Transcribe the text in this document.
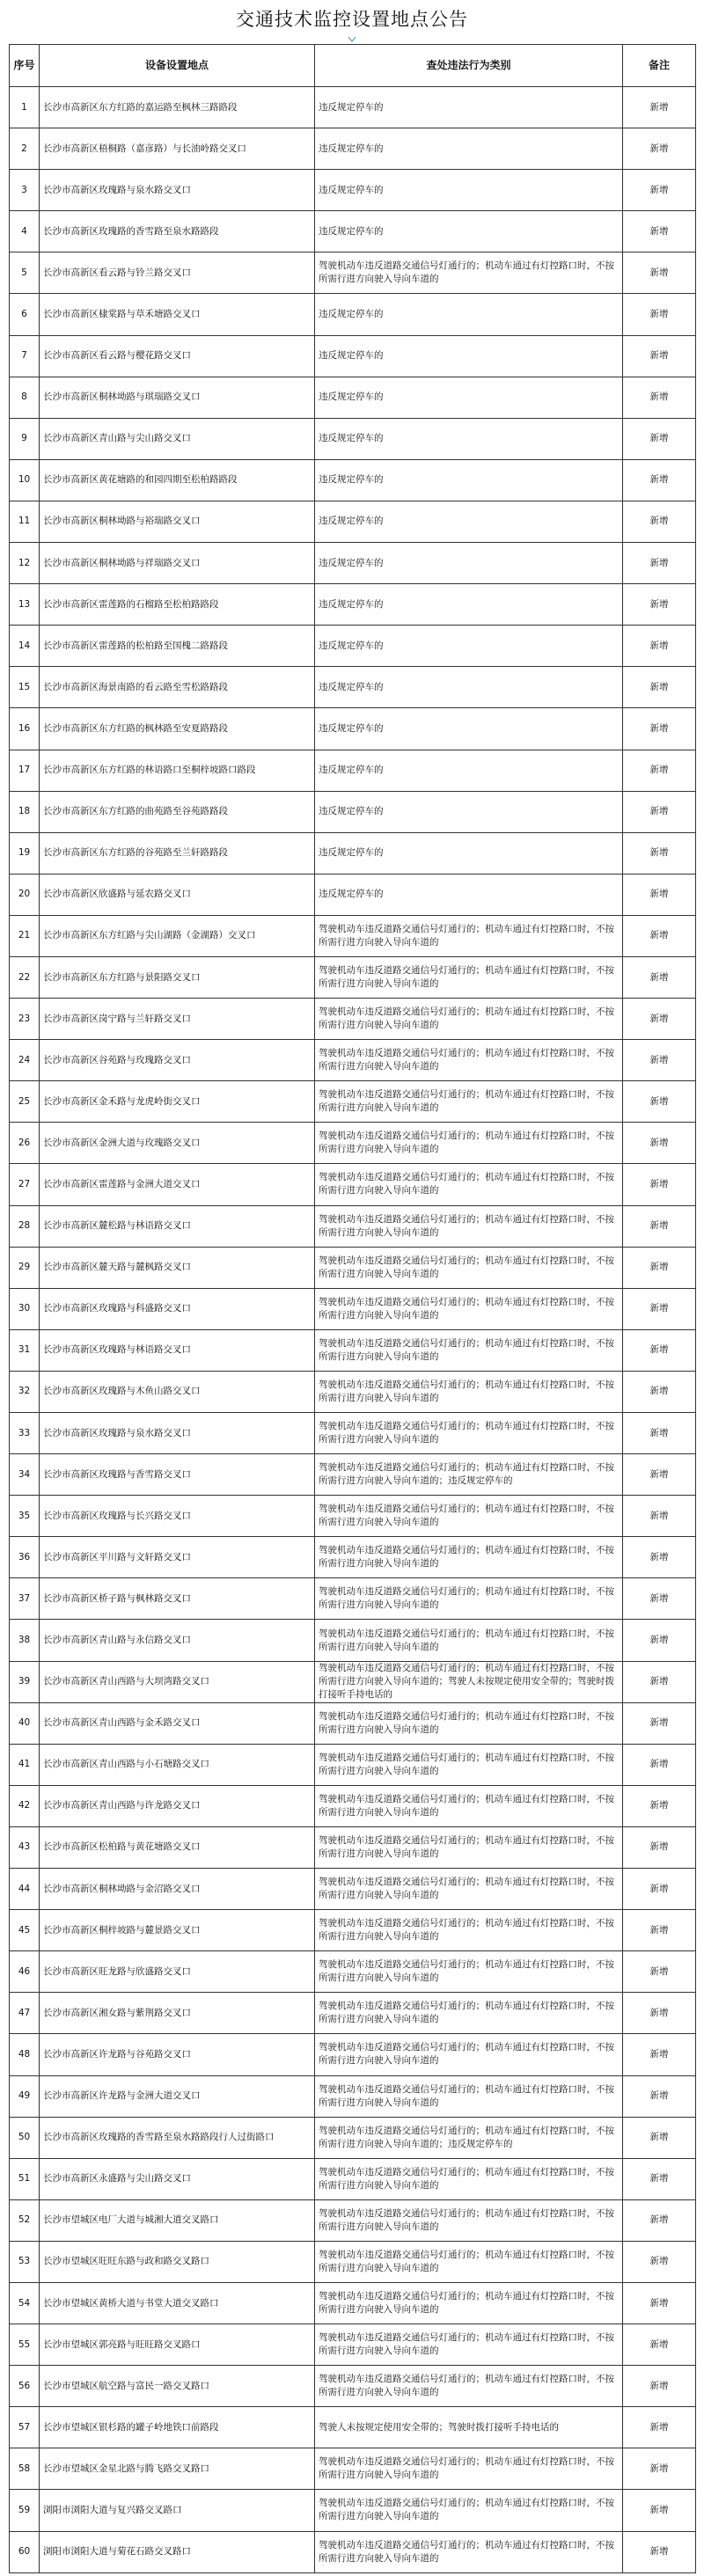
交通技术监控设置地点公告
序号	设备设置地点	查处违法行为类别	备注
1	长沙市高新区东方红路的嘉运路至枫林三路路段	违反规定停车的	新增
2	长沙市高新区梧桐路（嘉彦路）与长油岭路交叉口	违反规定停车的	新增
3	长沙市高新区玫瑰路与泉水路交叉口	违反规定停车的	新增
4	长沙市高新区玫瑰路的香雪路至泉水路路段	违反规定停车的	新增
5	长沙市高新区看云路与铃兰路交叉口	驾驶机动车违反道路交通信号灯通行的；机动车通过有灯控路口时，不按所需行进方向驶入导向车道的	新增
6	长沙市高新区棣棠路与草禾塘路交叉口	违反规定停车的	新增
7	长沙市高新区看云路与樱花路交叉口	违反规定停车的	新增
8	长沙市高新区桐林坳路与琪瑞路交叉口	违反规定停车的	新增
9	长沙市高新区青山路与尖山路交叉口	违反规定停车的	新增
10	长沙市高新区黄花塘路的和园四期至松柏路路段	违反规定停车的	新增
11	长沙市高新区桐林坳路与裕瑞路交叉口	违反规定停车的	新增
12	长沙市高新区桐林坳路与祥瑞路交叉口	违反规定停车的	新增
13	长沙市高新区雷莲路的石榴路至松柏路路段	违反规定停车的	新增
14	长沙市高新区雷莲路的松柏路至国槐二路路段	违反规定停车的	新增
15	长沙市高新区海景南路的看云路至雪松路路段	违反规定停车的	新增
16	长沙市高新区东方红路的枫林路至安夏路路段	违反规定停车的	新增
17	长沙市高新区东方红路的林语路口至桐梓坡路口路段	违反规定停车的	新增
18	长沙市高新区东方红路的曲苑路至谷苑路路段	违反规定停车的	新增
19	长沙市高新区东方红路的谷苑路至兰轩路路段	违反规定停车的	新增
20	长沙市高新区欣盛路与延农路交叉口	违反规定停车的	新增
21	长沙市高新区东方红路与尖山湖路（金湖路）交叉口	驾驶机动车违反道路交通信号灯通行的；机动车通过有灯控路口时，不按所需行进方向驶入导向车道的	新增
22	长沙市高新区东方红路与景阳路交叉口	驾驶机动车违反道路交通信号灯通行的；机动车通过有灯控路口时，不按所需行进方向驶入导向车道的	新增
23	长沙市高新区岗宁路与兰轩路交叉口	驾驶机动车违反道路交通信号灯通行的；机动车通过有灯控路口时，不按所需行进方向驶入导向车道的	新增
24	长沙市高新区谷苑路与玫瑰路交叉口	驾驶机动车违反道路交通信号灯通行的；机动车通过有灯控路口时，不按所需行进方向驶入导向车道的	新增
25	长沙市高新区金禾路与龙虎岭街交叉口	驾驶机动车违反道路交通信号灯通行的；机动车通过有灯控路口时，不按所需行进方向驶入导向车道的	新增
26	长沙市高新区金洲大道与玫瑰路交叉口	驾驶机动车违反道路交通信号灯通行的；机动车通过有灯控路口时，不按所需行进方向驶入导向车道的	新增
27	长沙市高新区雷莲路与金洲大道交叉口	驾驶机动车违反道路交通信号灯通行的；机动车通过有灯控路口时，不按所需行进方向驶入导向车道的	新增
28	长沙市高新区麓松路与林语路交叉口	驾驶机动车违反道路交通信号灯通行的；机动车通过有灯控路口时，不按所需行进方向驶入导向车道的	新增
29	长沙市高新区麓天路与麓枫路交叉口	驾驶机动车违反道路交通信号灯通行的；机动车通过有灯控路口时，不按所需行进方向驶入导向车道的	新增
30	长沙市高新区玫瑰路与科盛路交叉口	驾驶机动车违反道路交通信号灯通行的；机动车通过有灯控路口时，不按所需行进方向驶入导向车道的	新增
31	长沙市高新区玫瑰路与林语路交叉口	驾驶机动车违反道路交通信号灯通行的；机动车通过有灯控路口时，不按所需行进方向驶入导向车道的	新增
32	长沙市高新区玫瑰路与木鱼山路交叉口	驾驶机动车违反道路交通信号灯通行的；机动车通过有灯控路口时，不按所需行进方向驶入导向车道的	新增
33	长沙市高新区玫瑰路与泉水路交叉口	驾驶机动车违反道路交通信号灯通行的；机动车通过有灯控路口时，不按所需行进方向驶入导向车道的	新增
34	长沙市高新区玫瑰路与香雪路交叉口	驾驶机动车违反道路交通信号灯通行的；机动车通过有灯控路口时，不按所需行进方向驶入导向车道的；违反规定停车的	新增
35	长沙市高新区玫瑰路与长兴路交叉口	驾驶机动车违反道路交通信号灯通行的；机动车通过有灯控路口时，不按所需行进方向驶入导向车道的	新增
36	长沙市高新区平川路与文轩路交叉口	驾驶机动车违反道路交通信号灯通行的；机动车通过有灯控路口时，不按所需行进方向驶入导向车道的	新增
37	长沙市高新区桥子路与枫林路交叉口	驾驶机动车违反道路交通信号灯通行的；机动车通过有灯控路口时，不按所需行进方向驶入导向车道的	新增
38	长沙市高新区青山路与永信路交叉口	驾驶机动车违反道路交通信号灯通行的；机动车通过有灯控路口时，不按所需行进方向驶入导向车道的	新增
39	长沙市高新区青山西路与大坝湾路交叉口	驾驶机动车违反道路交通信号灯通行的；机动车通过有灯控路口时，不按所需行进方向驶入导向车道的；驾驶人未按规定使用安全带的；驾驶时拨打接听手持电话的	新增
40	长沙市高新区青山西路与金禾路交叉口	驾驶机动车违反道路交通信号灯通行的；机动车通过有灯控路口时，不按所需行进方向驶入导向车道的	新增
41	长沙市高新区青山西路与小石塘路交叉口	驾驶机动车违反道路交通信号灯通行的；机动车通过有灯控路口时，不按所需行进方向驶入导向车道的	新增
42	长沙市高新区青山西路与许龙路交叉口	驾驶机动车违反道路交通信号灯通行的；机动车通过有灯控路口时，不按所需行进方向驶入导向车道的	新增
43	长沙市高新区松柏路与黄花塘路交叉口	驾驶机动车违反道路交通信号灯通行的；机动车通过有灯控路口时，不按所需行进方向驶入导向车道的	新增
44	长沙市高新区桐林坳路与金沼路交叉口	驾驶机动车违反道路交通信号灯通行的；机动车通过有灯控路口时，不按所需行进方向驶入导向车道的	新增
45	长沙市高新区桐梓坡路与麓景路交叉口	驾驶机动车违反道路交通信号灯通行的；机动车通过有灯控路口时，不按所需行进方向驶入导向车道的	新增
46	长沙市高新区旺龙路与欣盛路交叉口	驾驶机动车违反道路交通信号灯通行的；机动车通过有灯控路口时，不按所需行进方向驶入导向车道的	新增
47	长沙市高新区湘女路与紫荆路交叉口	驾驶机动车违反道路交通信号灯通行的；机动车通过有灯控路口时，不按所需行进方向驶入导向车道的	新增
48	长沙市高新区许龙路与谷苑路交叉口	驾驶机动车违反道路交通信号灯通行的；机动车通过有灯控路口时，不按所需行进方向驶入导向车道的	新增
49	长沙市高新区许龙路与金洲大道交叉口	驾驶机动车违反道路交通信号灯通行的；机动车通过有灯控路口时，不按所需行进方向驶入导向车道的	新增
50	长沙市高新区玫瑰路的香雪路至泉水路路段行人过街路口	驾驶机动车违反道路交通信号灯通行的；机动车通过有灯控路口时，不按所需行进方向驶入导向车道的；违反规定停车的	新增
51	长沙市高新区永盛路与尖山路交叉口	驾驶机动车违反道路交通信号灯通行的；机动车通过有灯控路口时，不按所需行进方向驶入导向车道的	新增
52	长沙市望城区电厂大道与城湘大道交叉路口	驾驶机动车违反道路交通信号灯通行的；机动车通过有灯控路口时，不按所需行进方向驶入导向车道的	新增
53	长沙市望城区旺旺东路与政和路交叉路口	驾驶机动车违反道路交通信号灯通行的；机动车通过有灯控路口时，不按所需行进方向驶入导向车道的	新增
54	长沙市望城区黄桥大道与书堂大道交叉路口	驾驶机动车违反道路交通信号灯通行的；机动车通过有灯控路口时，不按所需行进方向驶入导向车道的	新增
55	长沙市望城区郭亮路与旺旺路交叉路口	驾驶机动车违反道路交通信号灯通行的；机动车通过有灯控路口时，不按所需行进方向驶入导向车道的	新增
56	长沙市望城区航空路与富民一路交叉路口	驾驶机动车违反道路交通信号灯通行的；机动车通过有灯控路口时，不按所需行进方向驶入导向车道的	新增
57	长沙市望城区银杉路的罐子岭地铁口前路段	驾驶人未按规定使用安全带的；驾驶时拨打接听手持电话的	新增
58	长沙市望城区金星北路与腾飞路交叉路口	驾驶机动车违反道路交通信号灯通行的；机动车通过有灯控路口时，不按所需行进方向驶入导向车道的	新增
59	浏阳市浏阳大道与复兴路交叉路口	驾驶机动车违反道路交通信号灯通行的；机动车通过有灯控路口时，不按所需行进方向驶入导向车道的	新增
60	浏阳市浏阳大道与菊花石路交叉路口	驾驶机动车违反道路交通信号灯通行的；机动车通过有灯控路口时，不按所需行进方向驶入导向车道的	新增
